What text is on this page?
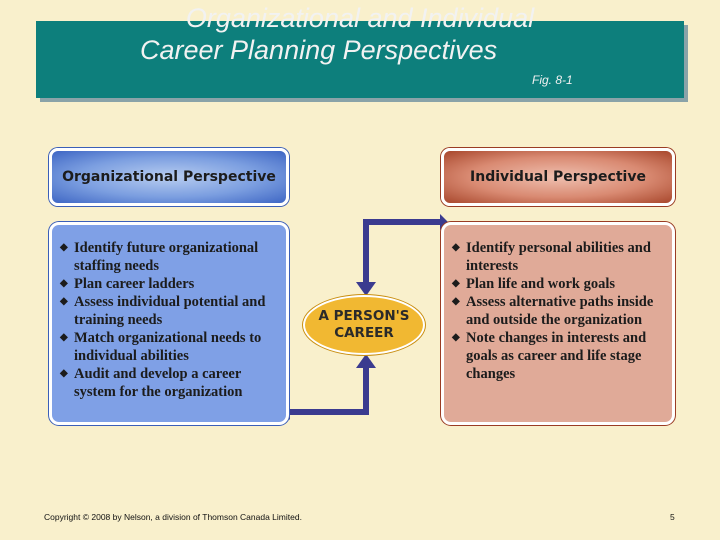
Organizational and Individual
Career Planning Perspectives
Fig. 8-1
Organizational Perspective	Individual Perspective
◆ Identify future organizational staffing needs
◆ Plan career ladders
◆ Assess individual potential and training needs
◆ Match organizational needs to individual abilities
◆ Audit and develop a career system for the organization
◆ Identify personal abilities and interests
◆ Plan life and work goals
◆ Assess alternative paths inside and outside the organization
◆ Note changes in interests and goals as career and life stage changes
A PERSON'S
CAREER
Copyright © 2008 by Nelson, a division of Thomson Canada Limited.	5
